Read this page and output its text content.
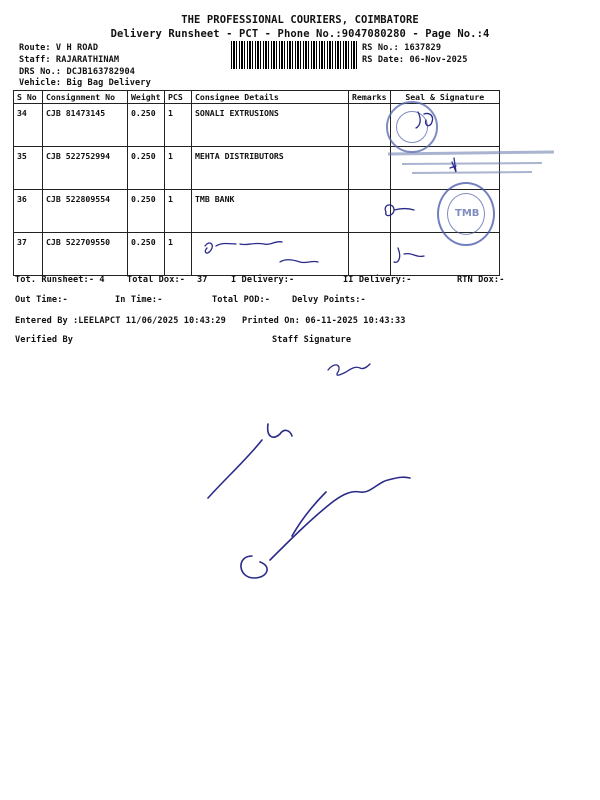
THE PROFESSIONAL COURIERS, COIMBATORE
Delivery Runsheet - PCT - Phone No.:9047080280 - Page No.:4
Route: V H ROAD
Staff: RAJARATHINAM
DRS No.: DCJB163782904
Vehicle: Big Bag Delivery
RS No.: 1637829
RS Date: 06-Nov-2025
S No	Consignment No	Weight	PCS	Consignee Details	Remarks	Seal & Signature
34	CJB 81473145	0.250	1	SONALI EXTRUSIONS		
35	CJB 522752994	0.250	1	MEHTA DISTRIBUTORS		
36	CJB 522809554	0.250	1	TMB BANK		
37	CJB 522709550	0.250	1			
Tot. Runsheet:- 4	Total Dox:- 37	I Delivery:-	II Delivery:-	RTN Dox:-
Out Time:-	In Time:-	Total POD:-	Delvy Points:-
Entered By :LEELAPCT 11/06/2025 10:43:29 Printed On: 06-11-2025 10:43:33
Verified By	Staff Signature
TMB
